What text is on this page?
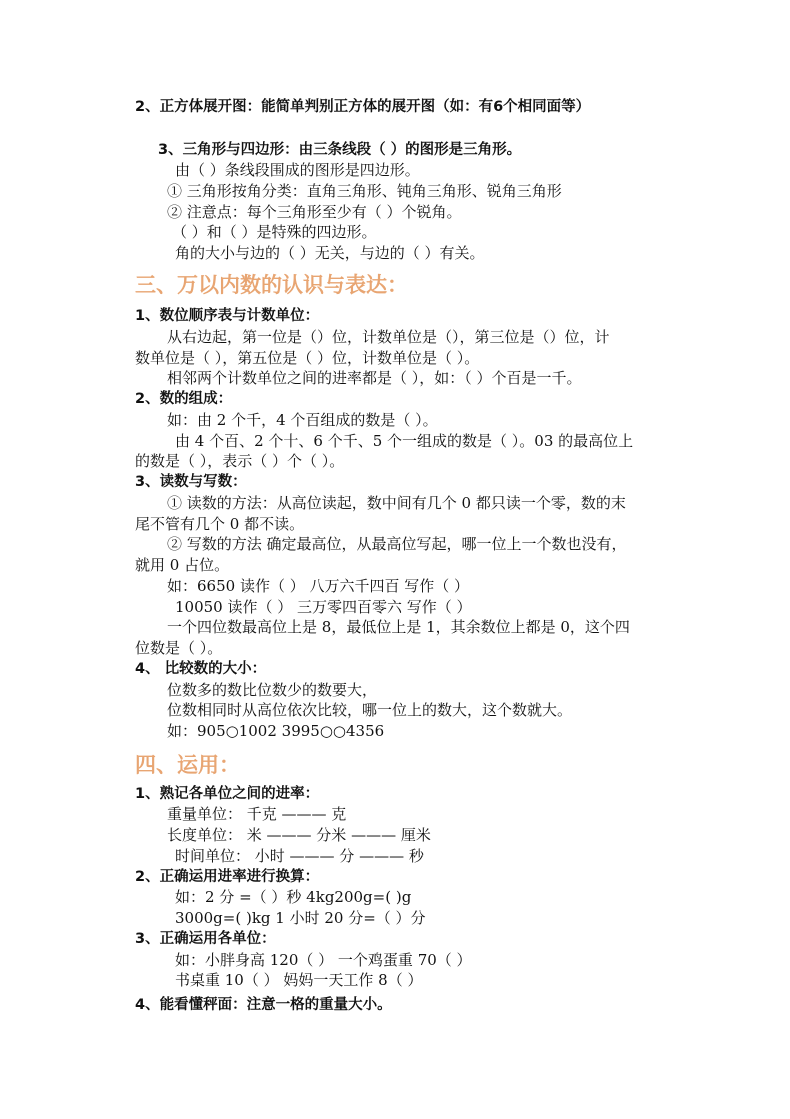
2、正方体展开图：能简单判别正方体的展开图（如：有6个相同面等）

3、三角形与四边形：由三条线段（ ）的图形是三角形。

由（ ）条线段围成的图形是四边形。

① 三角形按角分类：直角三角形、钝角三角形、锐角三角形

② 注意点：每个三角形至少有（ ）个锐角。

（ ）和（ ）是特殊的四边形。

角的大小与边的（ ）无关，与边的（ ）有关。

三、万以内数的认识与表达：

1、数位顺序表与计数单位：

从右边起，第一位是（）位，计数单位是（），第三位是（）位，计

数单位是（ ），第五位是（ ）位，计数单位是（ ）。

相邻两个计数单位之间的进率都是（ ），如：（ ）个百是一千。

2、数的组成：

如：由 2 个千，4 个百组成的数是（ ）。

由 4 个百、2 个十、6 个千、5 个一组成的数是（ ）。03 的最高位上

的数是（ ），表示（ ）个（ ）。

3、读数与写数：

① 读数的方法：从高位读起，数中间有几个 0 都只读一个零，数的末

尾不管有几个 0 都不读。

② 写数的方法 确定最高位，从最高位写起，哪一位上一个数也没有，

就用 0 占位。

如：6650 读作（ ） 八万六千四百 写作（ ）

10050 读作（ ） 三万零四百零六 写作（ ）

一个四位数最高位上是 8，最低位上是 1，其余数位上都是 0，这个四

位数是（ ）。

4、 比较数的大小：

位数多的数比位数少的数要大，

位数相同时从高位依次比较，哪一位上的数大，这个数就大。

如：905○1002 3995○○4356

四、运用：

1、熟记各单位之间的进率：

重量单位： 千克 ——— 克

长度单位： 米 ——— 分米 ——— 厘米

时间单位： 小时 ——— 分 ——— 秒

2、正确运用进率进行换算：

如：2 分 =（ ）秒 4kg200g=( )g

3000g=( )kg 1 小时 20 分=（ ）分

3、正确运用各单位：

如：小胖身高 120（ ） 一个鸡蛋重 70（ ）

书桌重 10（ ） 妈妈一天工作 8（ ）

4、能看懂秤面：注意一格的重量大小。
